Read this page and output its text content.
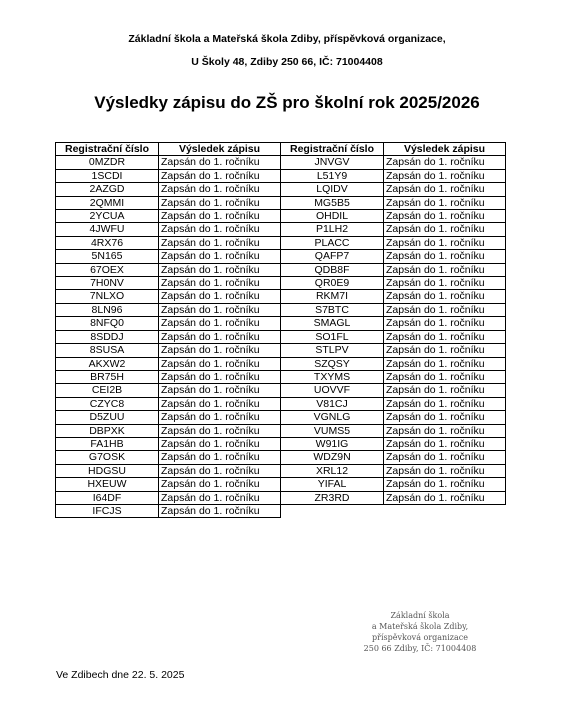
Základní škola a Mateřská škola Zdiby, příspěvková organizace,
U Školy 48, Zdiby 250 66, IČ: 71004408
Výsledky zápisu do ZŠ pro školní rok 2025/2026
Registrační číslo	Výsledek zápisu
0MZDR	Zapsán do 1. ročníku
1SCDI	Zapsán do 1. ročníku
2AZGD	Zapsán do 1. ročníku
2QMMI	Zapsán do 1. ročníku
2YCUA	Zapsán do 1. ročníku
4JWFU	Zapsán do 1. ročníku
4RX76	Zapsán do 1. ročníku
5N165	Zapsán do 1. ročníku
67OEX	Zapsán do 1. ročníku
7H0NV	Zapsán do 1. ročníku
7NLXO	Zapsán do 1. ročníku
8LN96	Zapsán do 1. ročníku
8NFQ0	Zapsán do 1. ročníku
8SDDJ	Zapsán do 1. ročníku
8SUSA	Zapsán do 1. ročníku
AKXW2	Zapsán do 1. ročníku
BR75H	Zapsán do 1. ročníku
CEI2B	Zapsán do 1. ročníku
CZYC8	Zapsán do 1. ročníku
D5ZUU	Zapsán do 1. ročníku
DBPXK	Zapsán do 1. ročníku
FA1HB	Zapsán do 1. ročníku
G7OSK	Zapsán do 1. ročníku
HDGSU	Zapsán do 1. ročníku
HXEUW	Zapsán do 1. ročníku
I64DF	Zapsán do 1. ročníku
IFCJS	Zapsán do 1. ročníku
Registrační číslo	Výsledek zápisu
JNVGV	Zapsán do 1. ročníku
L51Y9	Zapsán do 1. ročníku
LQIDV	Zapsán do 1. ročníku
MG5B5	Zapsán do 1. ročníku
OHDIL	Zapsán do 1. ročníku
P1LH2	Zapsán do 1. ročníku
PLACC	Zapsán do 1. ročníku
QAFP7	Zapsán do 1. ročníku
QDB8F	Zapsán do 1. ročníku
QR0E9	Zapsán do 1. ročníku
RKM7I	Zapsán do 1. ročníku
S7BTC	Zapsán do 1. ročníku
SMAGL	Zapsán do 1. ročníku
SO1FL	Zapsán do 1. ročníku
STLPV	Zapsán do 1. ročníku
SZQSY	Zapsán do 1. ročníku
TXYMS	Zapsán do 1. ročníku
UOVVF	Zapsán do 1. ročníku
V81CJ	Zapsán do 1. ročníku
VGNLG	Zapsán do 1. ročníku
VUMS5	Zapsán do 1. ročníku
W91IG	Zapsán do 1. ročníku
WDZ9N	Zapsán do 1. ročníku
XRL12	Zapsán do 1. ročníku
YIFAL	Zapsán do 1. ročníku
ZR3RD	Zapsán do 1. ročníku
Základní škola
a Mateřská škola Zdiby,
příspěvková organizace
250 66 Zdiby, IČ: 71004408
Ve Zdibech dne 22. 5. 2025
